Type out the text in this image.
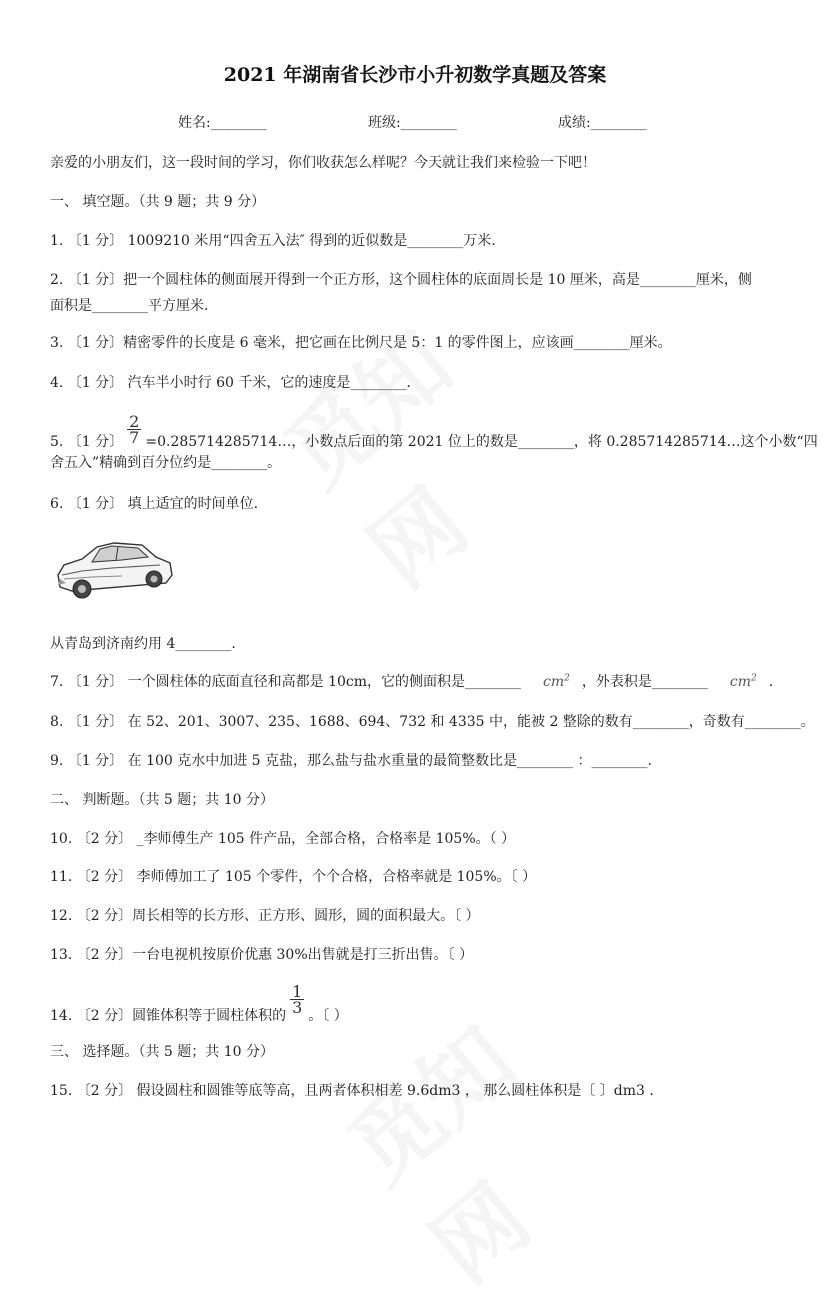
2021 年湖南省长沙市小升初数学真题及答案
姓名:________	班级:________	成绩:________
亲爱的小朋友们，这一段时间的学习，你们收获怎么样呢？今天就让我们来检验一下吧！
一、 填空题。（共 9 题；共 9 分）
1. 〔1 分〕 1009210 米用“四舍五入法″ 得到的近似数是________万米.
2. 〔1 分〕把一个圆柱体的侧面展开得到一个正方形，这个圆柱体的底面周长是 10 厘米，高是________厘米，侧
面积是________平方厘米.
3. 〔1 分〕精密零件的长度是 6 毫米，把它画在比例尺是 5：1 的零件图上，应该画________厘米。
4. 〔1 分〕 汽车半小时行 60 千米，它的速度是________.
5. 〔1 分〕 $\frac{2}{7}$ =0.285714285714…，小数点后面的第 2021 位上的数是________，将 0.285714285714…这个小数“四
舍五入”精确到百分位约是________。
6. 〔1 分〕 填上适宜的时间单位.
从青岛到济南约用 4________.
7. 〔1 分〕 一个圆柱体的底面直径和高都是 10cm，它的侧面积是________ $cm^2$ ，外表积是________ $cm^2$ .
8. 〔1 分〕 在 52、201、3007、235、1688、694、732 和 4335 中，能被 2 整除的数有________，奇数有________。
9. 〔1 分〕 在 100 克水中加进 5 克盐，那么盐与盐水重量的最简整数比是________ ：________.
二、 判断题。（共 5 题；共 10 分）
10. 〔2 分〕 _李师傅生产 105 件产品，全部合格，合格率是 105%。（ ）
11. 〔2 分〕 李师傅加工了 105 个零件，个个合格，合格率就是 105%。〔 ）
12. 〔2 分〕周长相等的长方形、正方形、圆形，圆的面积最大。〔 ）
13. 〔2 分〕一台电视机按原价优惠 30%出售就是打三折出售。〔 ）
14. 〔2 分〕圆锥体积等于圆柱体积的
$\frac{1}{3}$
。〔 ）
三、 选择题。（共 5 题；共 10 分）
15. 〔2 分〕 假设圆柱和圆锥等底等高，且两者体积相差 9.6dm3 ， 那么圆柱体积是〔 〕dm3 .
